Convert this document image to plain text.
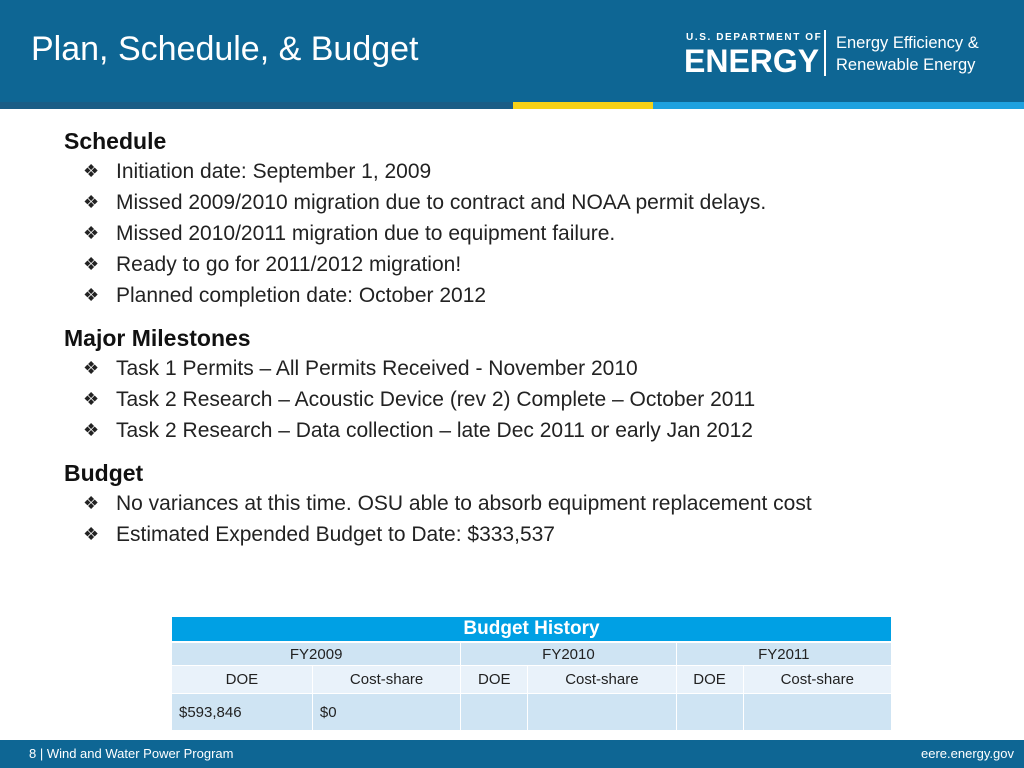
Plan, Schedule, & Budget	U.S. DEPARTMENT OF
ENERGY Energy Efficiency &
Renewable Energy
Schedule
❖ Initiation date: September 1, 2009
❖ Missed 2009/2010 migration due to contract and NOAA permit delays.
❖ Missed 2010/2011 migration due to equipment failure.
❖ Ready to go for 2011/2012 migration!
❖ Planned completion date: October 2012
Major Milestones
❖ Task 1 Permits – All Permits Received - November 2010
❖ Task 2 Research – Acoustic Device (rev 2) Complete – October 2011
❖ Task 2 Research – Data collection – late Dec 2011 or early Jan 2012
Budget
❖ No variances at this time. OSU able to absorb equipment replacement cost
❖ Estimated Expended Budget to Date: $333,537
Budget History					
FY2009		FY2010		FY2011	
DOE	Cost-share	DOE	Cost-share	DOE	Cost-share
$593,846	$0				
8 | Wind and Water Power Program	eere.energy.gov
